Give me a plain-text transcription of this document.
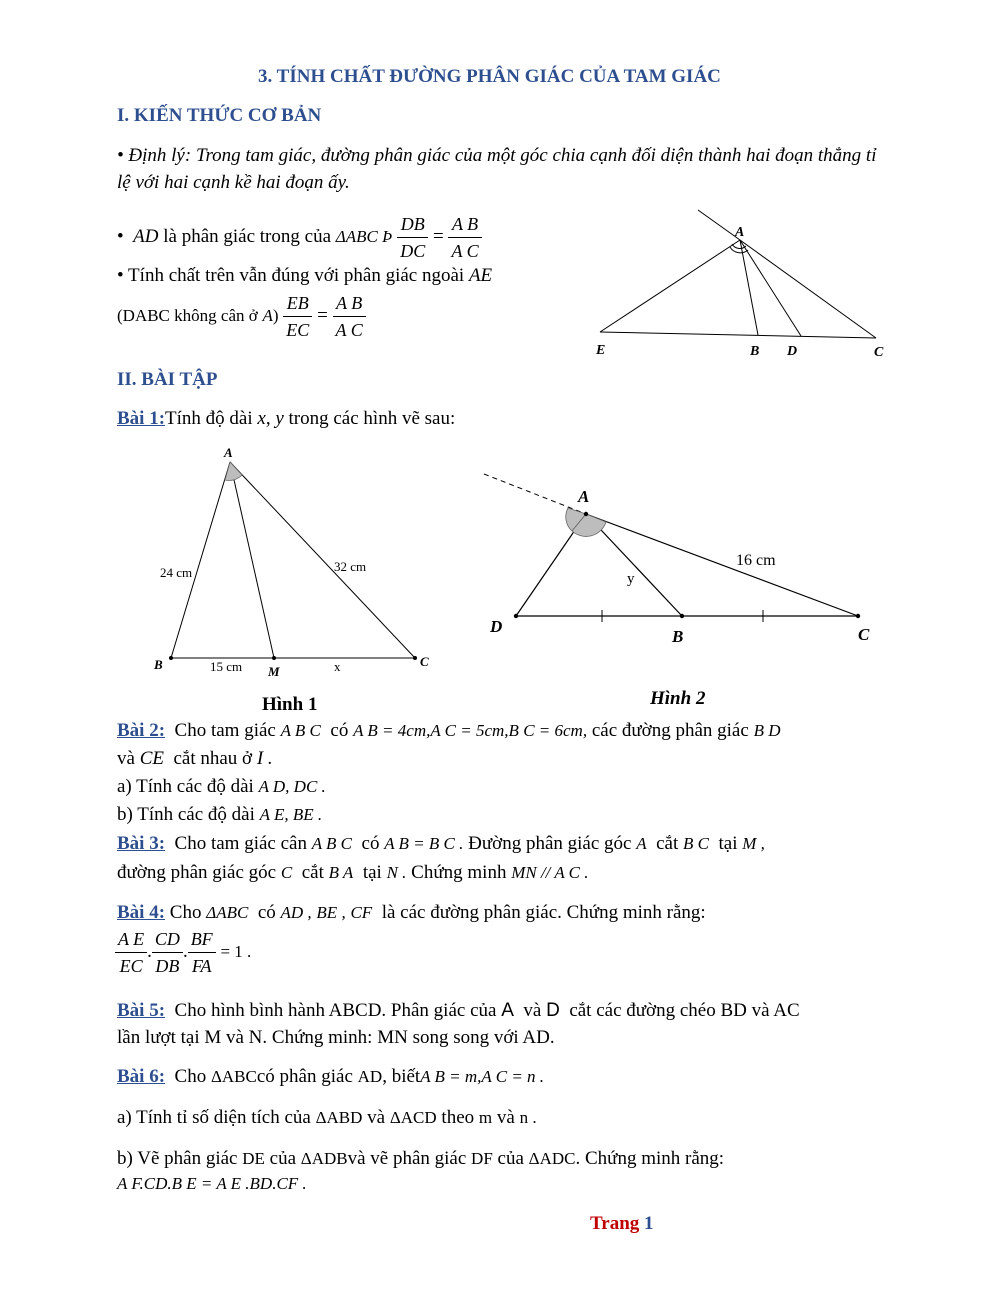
3. TÍNH CHẤT ĐƯỜNG PHÂN GIÁC CỦA TAM GIÁC
I. KIẾN THỨC CƠ BẢN
• Định lý: Trong tam giác, đường phân giác của một góc chia cạnh đối diện thành hai đoạn thẳng tỉ
lệ với hai cạnh kề hai đoạn ấy.
• AD là phân giác trong của ΔABC Þ $\frac{DB}{DC} = \frac{\text{A B}}{\text{A C}}$
• Tính chất trên vẫn đúng với phân giác ngoài AE
(DABC không cân ở $A) \frac{EB}{EC} = \frac{\text{A B}}{\text{A C}}$
A
E	B D	C
II. BÀI TẬP
Bài 1:Tính độ dài x, y trong các hình vẽ sau:
A
B	M
C
24 cm	32 cm
15 cm	x
Hình 1
A
D
B	C
16 cm
y
Hình 2
Bài 2: Cho tam giác A B C có A B = 4cm,A C = 5cm,B C = 6cm, các đường phân giác B D
và CE cắt nhau ở I .
a) Tính các độ dài A D, DC .
b) Tính các độ dài A E, BE .
Bài 3: Cho tam giác cân A B C có A B = B C . Đường phân giác góc A cắt B C tại M ,
đường phân giác góc C cắt B A tại N . Chứng minh MN // A C .
Bài 4: Cho ΔABC có AD , BE , CF là các đường phân giác. Chứng minh rằng:
$\frac{\text{A E}}{EC}$ . $\frac{CD}{DB}$ . $\frac{BF}{FA} = 1$ .
Bài 5: Cho hình bình hành ABCD. Phân giác của A và D cắt các đường chéo BD và AC
lần lượt tại M và N. Chứng minh: MN song song với AD.
Bài 6: Cho ΔABCcó phân giác AD, biếtA B = m,A C = n .
a) Tính tỉ số diện tích của ΔABD và ΔACD theo m và n .
b) Vẽ phân giác DE của ΔADBvà vẽ phân giác DF của ΔADC. Chứng minh rằng:
A F.CD.B E = A E .BD.CF .
Trang 1
